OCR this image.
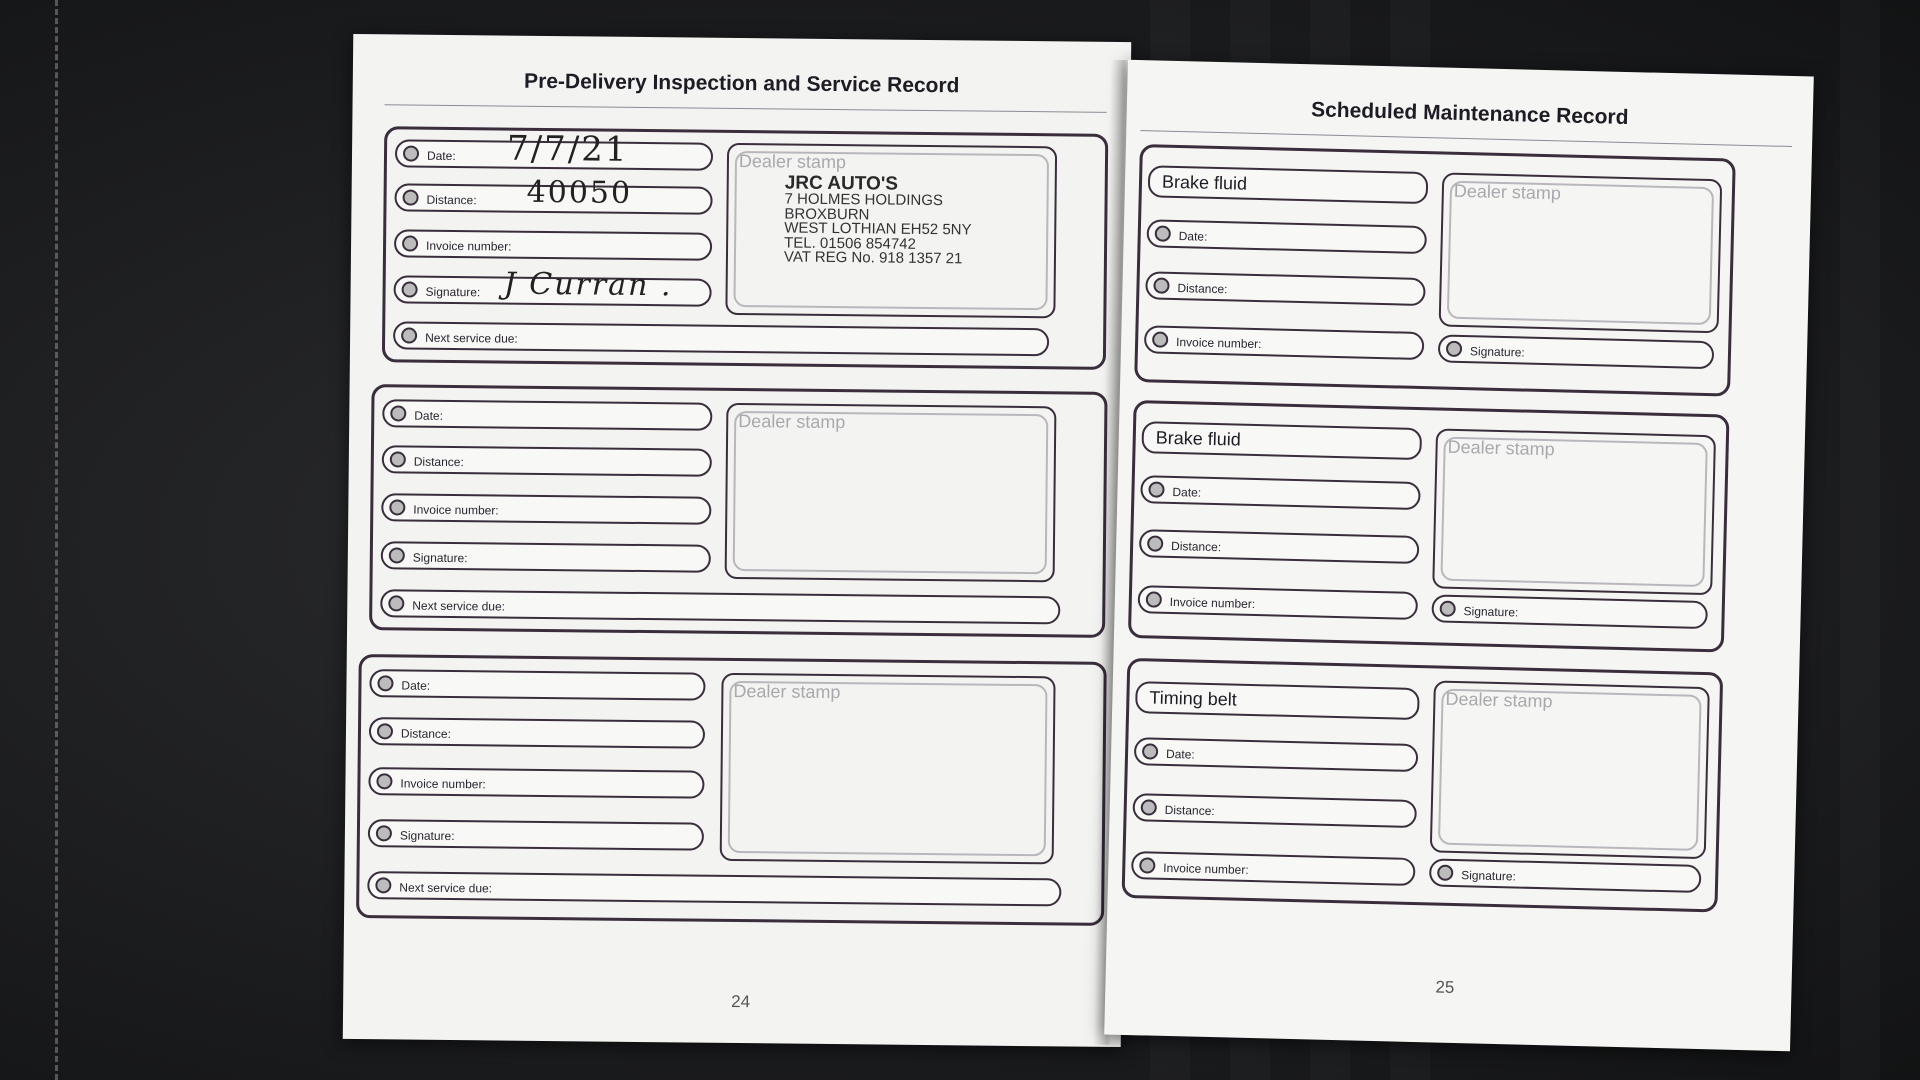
Pre-Delivery Inspection and Service Record
Date: 7/7/21
Distance: 40050
Invoice number:
Signature: J Curran .
Next service due:
Dealer stamp
JRC AUTO'S
7 HOLMES HOLDINGS
BROXBURN
WEST LOTHIAN EH52 5NY
TEL. 01506 854742
VAT REG No. 918 1357 21
Date:
Distance:
Invoice number:
Signature:
Next service due:
Dealer stamp
Date:
Distance:
Invoice number:
Signature:
Next service due:
Dealer stamp
24
Scheduled Maintenance Record
Brake fluid
Date:
Distance:
Invoice number:
Dealer stamp
Signature:
Brake fluid
Date:
Distance:
Invoice number:
Dealer stamp
Signature:
Timing belt
Date:
Distance:
Invoice number:
Dealer stamp
Signature:
25
